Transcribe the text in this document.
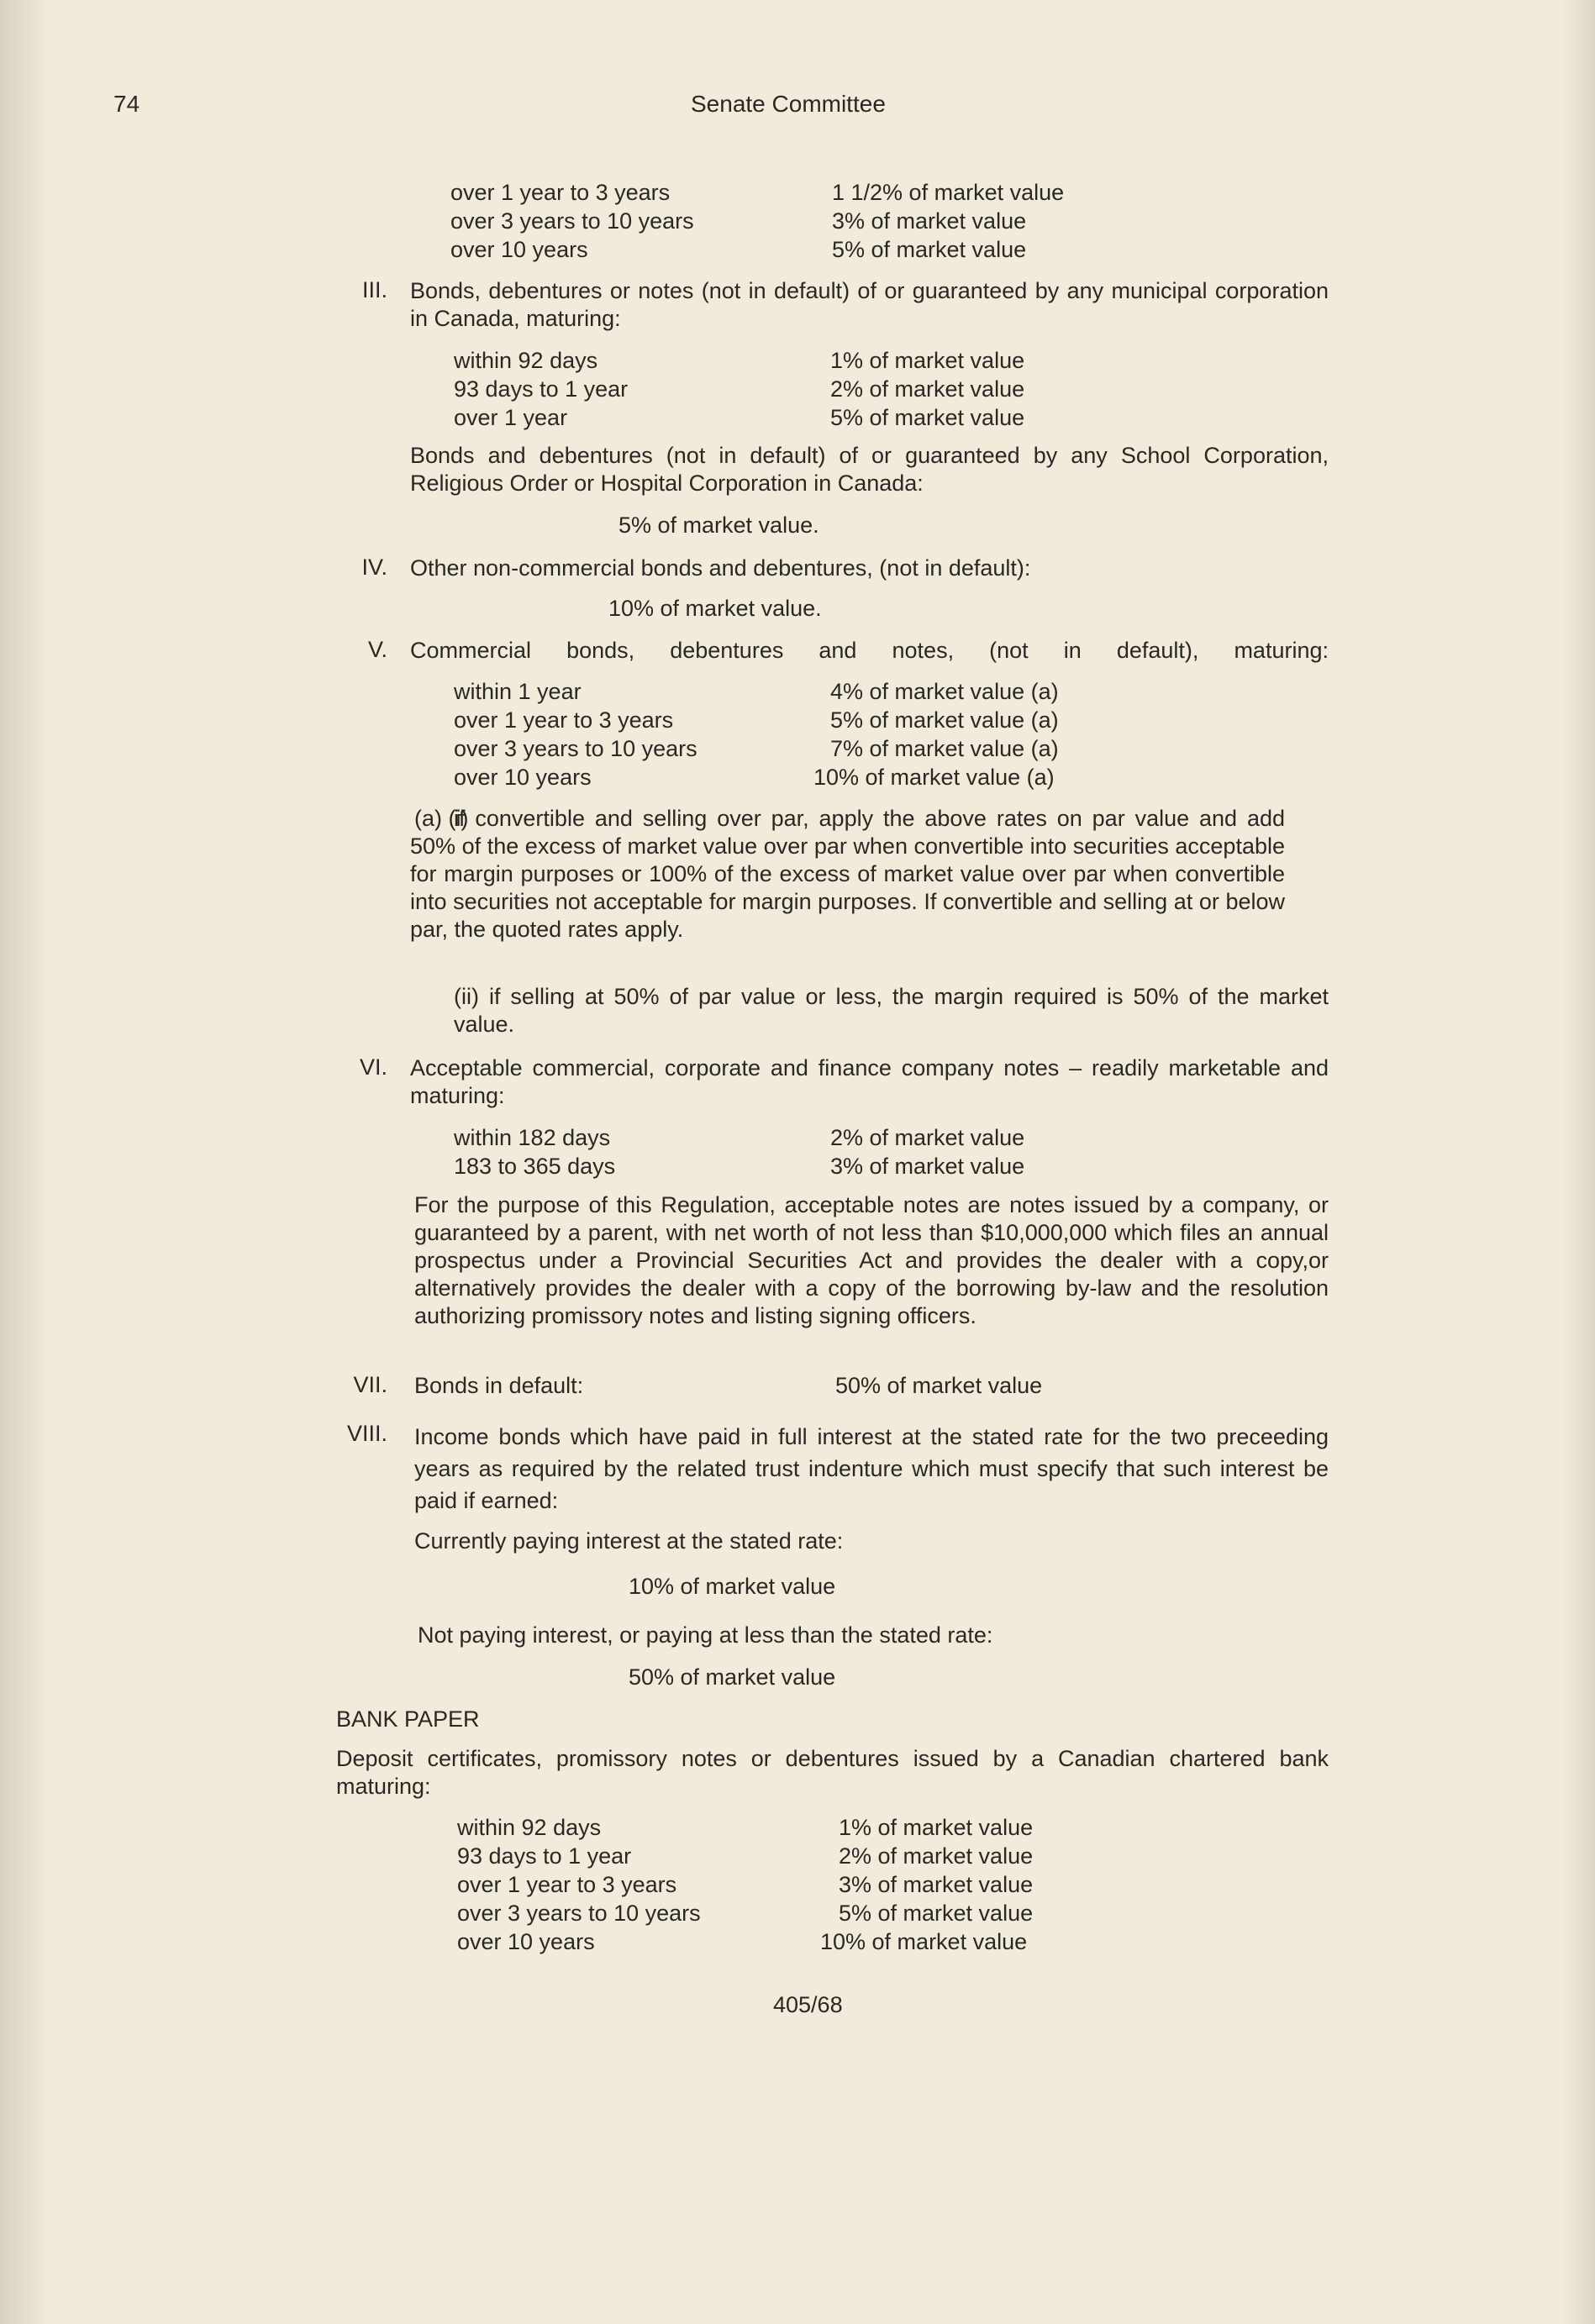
74	Senate Committee
over 1 year to 3 years	1 1/2% of market value
over 3 years to 10 years	3% of market value
over 10 years	5% of market value
III. Bonds, debentures or notes (not in default) of or guaranteed by any municipal corporation in Canada, maturing:
within 92 days	1% of market value
93 days to 1 year	2% of market value
over 1 year	5% of market value
Bonds and debentures (not in default) of or guaranteed by any School Corporation, Religious Order or Hospital Corporation in Canada:
5% of market value.
IV. Other non-commercial bonds and debentures, (not in default):
10% of market value.
V. Commercial bonds, debentures and notes, (not in default), maturing:
within 1 year	4% of market value (a)
over 1 year to 3 years	5% of market value (a)
over 3 years to 10 years	7% of market value (a)
over 10 years	10% of market value (a)
(a) (i)
if convertible and selling over par, apply the above rates on par value and add 50% of the excess of market value over par when convertible into securities acceptable for margin purposes or 100% of the excess of market value over par when convertible into securities not acceptable for margin purposes. If convertible and selling at or below par, the quoted rates apply.
(ii) if selling at 50% of par value or less, the margin required is 50% of the market value.
VI. Acceptable commercial, corporate and finance company notes – readily marketable and maturing:
within 182 days	2% of market value
183 to 365 days	3% of market value
For the purpose of this Regulation, acceptable notes are notes issued by a company, or guaranteed by a parent, with net worth of not less than $10,000,000 which files an annual prospectus under a Provincial Securities Act and provides the dealer with a copy,or alternatively provides the dealer with a copy of the borrowing by-law and the resolution authorizing promissory notes and listing signing officers.
VII. Bonds in default:	50% of market value
VIII. Income bonds which have paid in full interest at the stated rate for the two preceeding years as required by the related trust indenture which must specify that such interest be paid if earned:
Currently paying interest at the stated rate:
10% of market value
Not paying interest, or paying at less than the stated rate:
50% of market value
BANK PAPER
Deposit certificates, promissory notes or debentures issued by a Canadian chartered bank maturing:
within 92 days	1% of market value
93 days to 1 year	2% of market value
over 1 year to 3 years	3% of market value
over 3 years to 10 years	5% of market value
over 10 years	10% of market value
405/68
